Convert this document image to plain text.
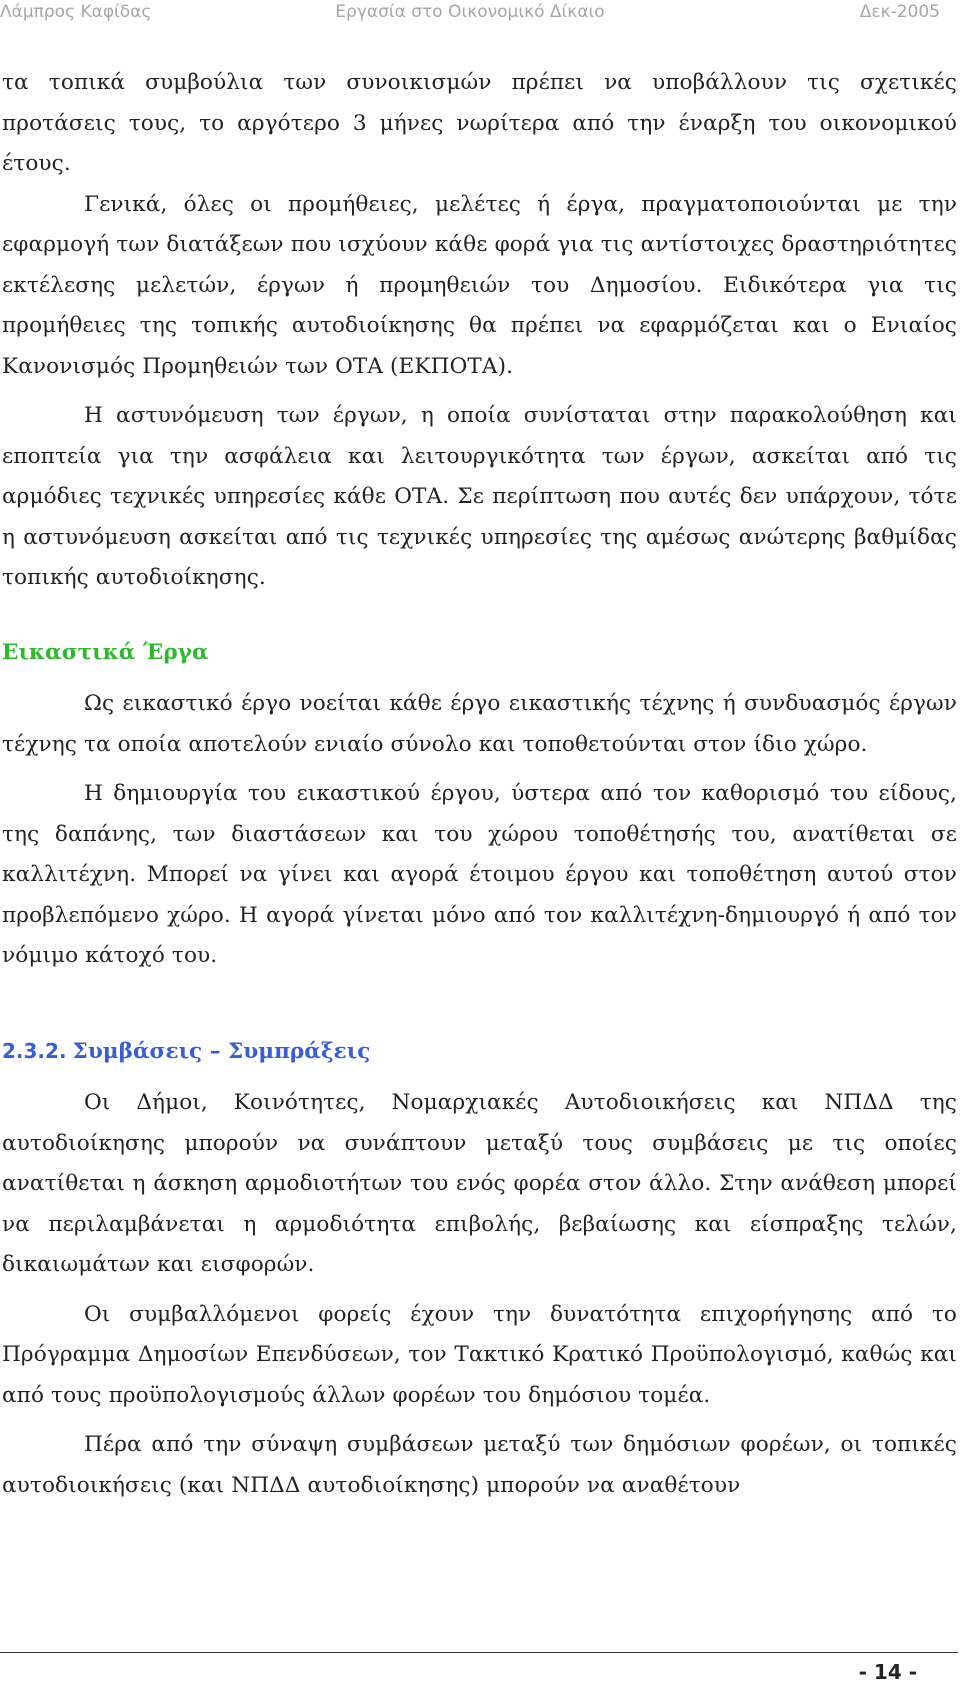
Λάμπρος Καφίδας	Εργασία στο Οικονομικό Δίκαιο	Δεκ-2005

τα τοπικά συμβούλια των συνοικισμών πρέπει να υποβάλλουν τις σχετικές προτάσεις τους, το αργότερο 3 μήνες νωρίτερα από την έναρξη του οικονομικού έτους.

Γενικά, όλες οι προμήθειες, μελέτες ή έργα, πραγματοποιούνται με την εφαρμογή των διατάξεων που ισχύουν κάθε φορά για τις αντίστοιχες δραστηριότητες εκτέλεσης μελετών, έργων ή προμηθειών του Δημοσίου. Ειδικότερα για τις προμήθειες της τοπικής αυτοδιοίκησης θα πρέπει να εφαρμόζεται και ο Ενιαίος Κανονισμός Προμηθειών των ΟΤΑ (ΕΚΠΟΤΑ).

Η αστυνόμευση των έργων, η οποία συνίσταται στην παρακολούθηση και εποπτεία για την ασφάλεια και λειτουργικότητα των έργων, ασκείται από τις αρμόδιες τεχνικές υπηρεσίες κάθε ΟΤΑ. Σε περίπτωση που αυτές δεν υπάρχουν, τότε η αστυνόμευση ασκείται από τις τεχνικές υπηρεσίες της αμέσως ανώτερης βαθμίδας τοπικής αυτοδιοίκησης.

Εικαστικά Έργα

Ως εικαστικό έργο νοείται κάθε έργο εικαστικής τέχνης ή συνδυασμός έργων τέχνης τα οποία αποτελούν ενιαίο σύνολο και τοποθετούνται στον ίδιο χώρο.

Η δημιουργία του εικαστικού έργου, ύστερα από τον καθορισμό του είδους, της δαπάνης, των διαστάσεων και του χώρου τοποθέτησής του, ανατίθεται σε καλλιτέχνη. Μπορεί να γίνει και αγορά έτοιμου έργου και τοποθέτηση αυτού στον προβλεπόμενο χώρο. Η αγορά γίνεται μόνο από τον καλλιτέχνη-δημιουργό ή από τον νόμιμο κάτοχό του.

2.3.2. Συμβάσεις – Συμπράξεις

Οι Δήμοι, Κοινότητες, Νομαρχιακές Αυτοδιοικήσεις και ΝΠΔΔ της αυτοδιοίκησης μπορούν να συνάπτουν μεταξύ τους συμβάσεις με τις οποίες ανατίθεται η άσκηση αρμοδιοτήτων του ενός φορέα στον άλλο. Στην ανάθεση μπορεί να περιλαμβάνεται η αρμοδιότητα επιβολής, βεβαίωσης και είσπραξης τελών, δικαιωμάτων και εισφορών.

Οι συμβαλλόμενοι φορείς έχουν την δυνατότητα επιχορήγησης από το Πρόγραμμα Δημοσίων Επενδύσεων, τον Τακτικό Κρατικό Προϋπολογισμό, καθώς και από τους προϋπολογισμούς άλλων φορέων του δημόσιου τομέα.

Πέρα από την σύναψη συμβάσεων μεταξύ των δημόσιων φορέων, οι τοπικές αυτοδιοικήσεις (και ΝΠΔΔ αυτοδιοίκησης) μπορούν να αναθέτουν

- 14 -
